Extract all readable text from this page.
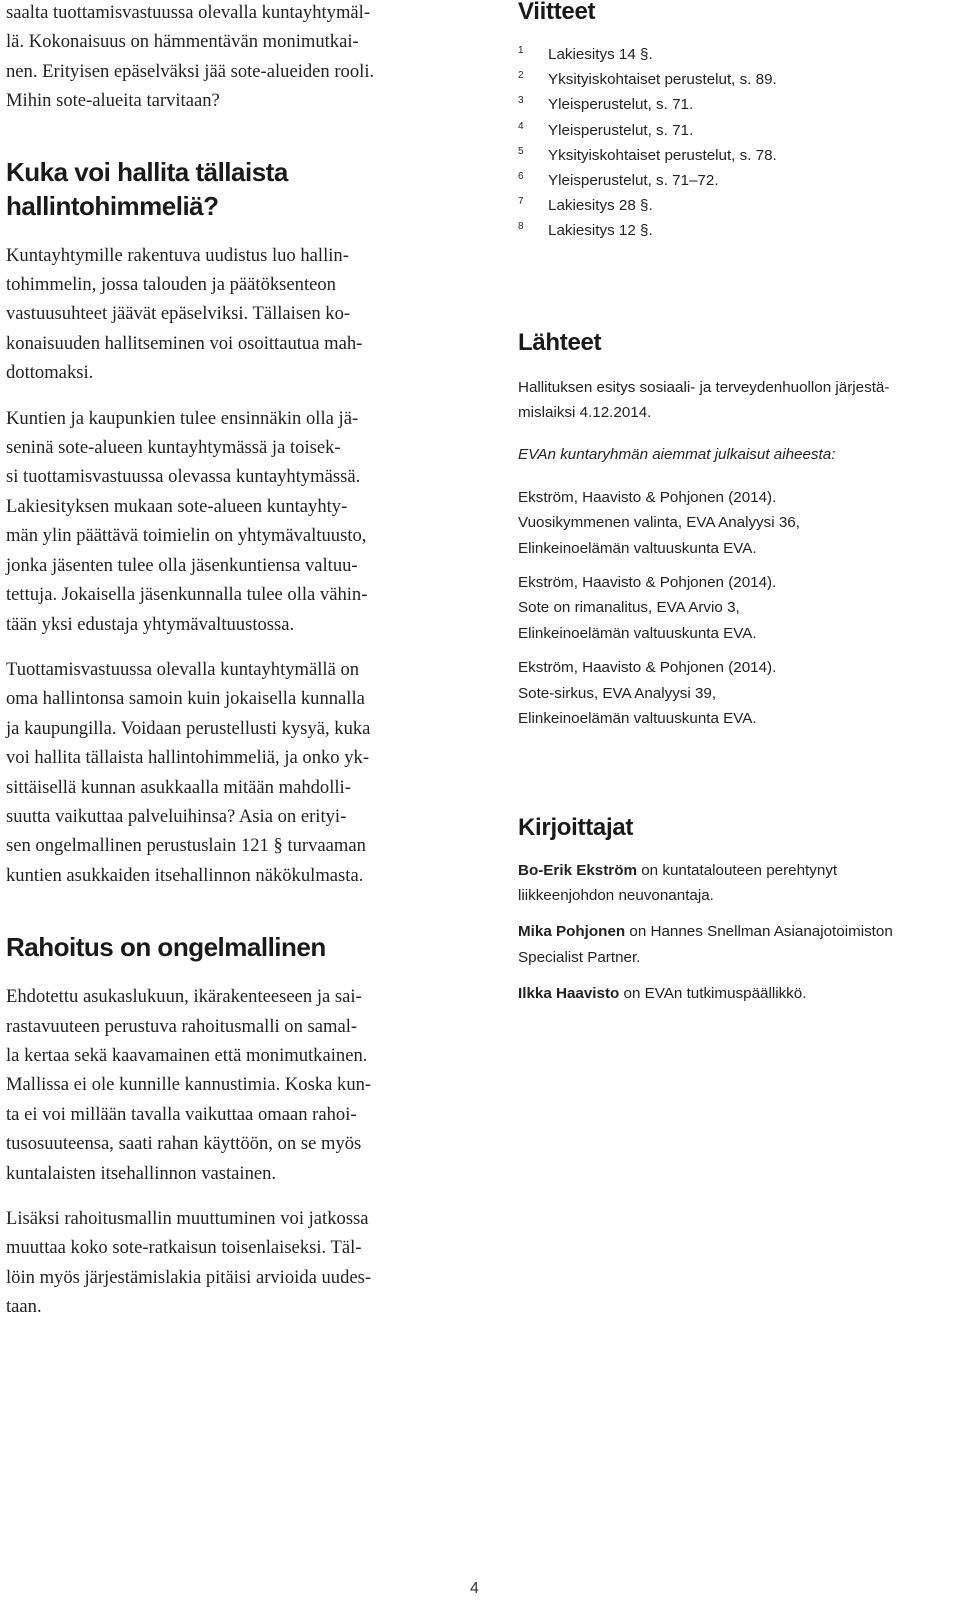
saalta tuottamisvastuussa olevalla kuntayhtymäl-
lä. Kokonaisuus on hämmentävän monimutkai-
nen. Erityisen epäselväksi jää sote-alueiden rooli.
Mihin sote-alueita tarvitaan?

Kuka voi hallita tällaista
hallintohimmeliä?

Kuntayhtymille rakentuva uudistus luo hallin-
tohimmelin, jossa talouden ja päätöksenteon
vastuusuhteet jäävät epäselviksi. Tällaisen ko-
konaisuuden hallitseminen voi osoittautua mah-
dottomaksi.

Kuntien ja kaupunkien tulee ensinnäkin olla jä-
seninä sote-alueen kuntayhtymässä ja toisek-
si tuottamisvastuussa olevassa kuntayhtymässä.
Lakiesityksen mukaan sote-alueen kuntayhty-
män ylin päättävä toimielin on yhtymävaltuusto,
jonka jäsenten tulee olla jäsenkuntiensa valtuu-
tettuja. Jokaisella jäsenkunnalla tulee olla vähin-
tään yksi edustaja yhtymävaltuustossa.

Tuottamisvastuussa olevalla kuntayhtymällä on
oma hallintonsa samoin kuin jokaisella kunnalla
ja kaupungilla. Voidaan perustellusti kysyä, kuka
voi hallita tällaista hallintohimmeliä, ja onko yk-
sittäisellä kunnan asukkaalla mitään mahdolli-
suutta vaikuttaa palveluihinsa? Asia on erityi-
sen ongelmallinen perustuslain 121 § turvaaman
kuntien asukkaiden itsehallinnon näkökulmasta.

Rahoitus on ongelmallinen

Ehdotettu asukaslukuun, ikärakenteeseen ja sai-
rastavuuteen perustuva rahoitusmalli on samal-
la kertaa sekä kaavamainen että monimutkainen.
Mallissa ei ole kunnille kannustimia. Koska kun-
ta ei voi millään tavalla vaikuttaa omaan rahoi-
tusosuuteensa, saati rahan käyttöön, on se myös
kuntalaisten itsehallinnon vastainen.

Lisäksi rahoitusmallin muuttuminen voi jatkossa
muuttaa koko sote-ratkaisun toisenlaiseksi. Täl-
löin myös järjestämislakia pitäisi arvioida uudes-
taan.

Viitteet
1	Lakiesitys 14 §.
2	Yksityiskohtaiset perustelut, s. 89.
3	Yleisperustelut, s. 71.
4	Yleisperustelut, s. 71.
5	Yksityiskohtaiset perustelut, s. 78.
6	Yleisperustelut, s. 71–72.
7	Lakiesitys 28 §.
8	Lakiesitys 12 §.
Lähteet

Hallituksen esitys sosiaali- ja terveydenhuollon järjestä-
mislaiksi 4.12.2014.

EVAn kuntaryhmän aiemmat julkaisut aiheesta:

Ekström, Haavisto & Pohjonen (2014).
Vuosikymmenen valinta, EVA Analyysi 36,
Elinkeinoelämän valtuuskunta EVA.

Ekström, Haavisto & Pohjonen (2014).
Sote on rimanalitus, EVA Arvio 3,
Elinkeinoelämän valtuuskunta EVA.

Ekström, Haavisto & Pohjonen (2014).
Sote-sirkus, EVA Analyysi 39,
Elinkeinoelämän valtuuskunta EVA.

Kirjoittajat

Bo-Erik Ekström on kuntatalouteen perehtynyt
liikkeenjohdon neuvonantaja.

Mika Pohjonen on Hannes Snellman Asianajotoimiston
Specialist Partner.

Ilkka Haavisto on EVAn tutkimuspäällikkö.

4
